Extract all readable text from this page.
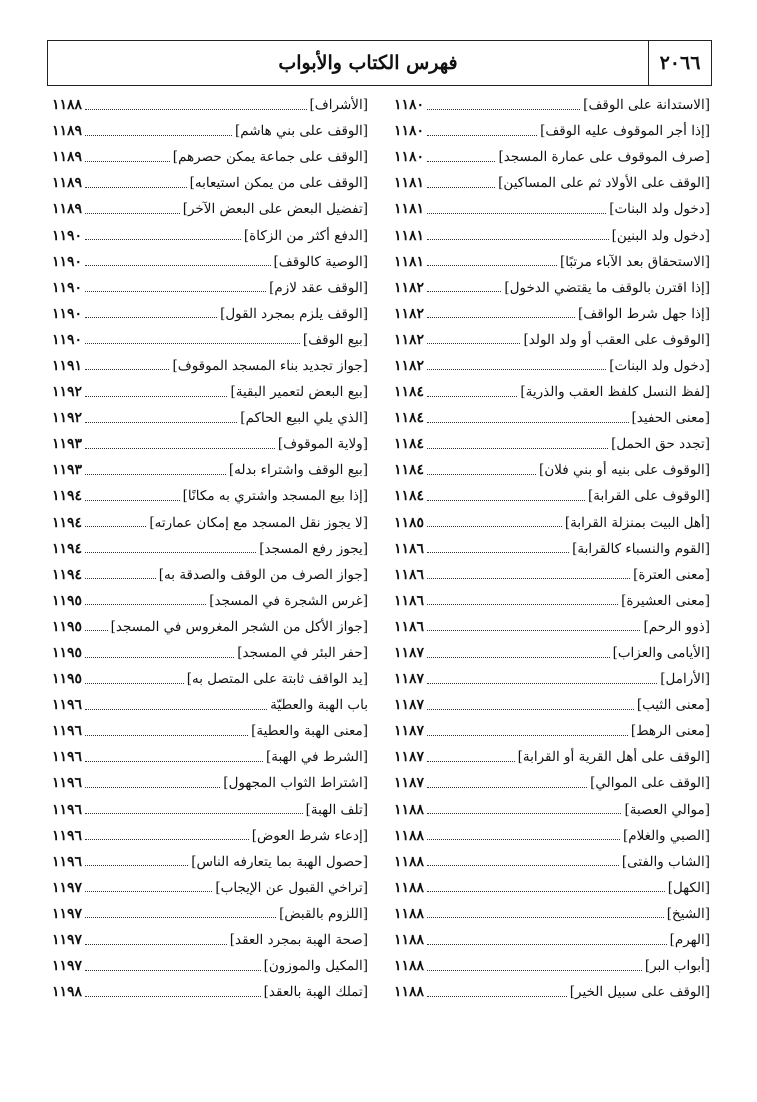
٢٠٦٦
فهرس الكتاب والأبواب
[الاستدانة على الوقف]
١١٨٠
[إذا أجر الموقوف عليه الوقف]
١١٨٠
[صرف الموقوف على عمارة المسجد]
١١٨٠
[الوقف على الأولاد ثم على المساكين]
١١٨١
[دخول ولد البنات]
١١٨١
[دخول ولد البنين]
١١٨١
[الاستحقاق بعد الآباء مرتبًا]
١١٨١
[إذا اقترن بالوقف ما يقتضي الدخول]
١١٨٢
[إذا جهل شرط الواقف]
١١٨٢
[الوقوف على العقب أو ولد الولد]
١١٨٢
[دخول ولد البنات]
١١٨٢
[لفظ النسل كلفظ العقب والذرية]
١١٨٤
[معنى الحفيد]
١١٨٤
[تجدد حق الحمل]
١١٨٤
[الوقوف على بنيه أو بني فلان]
١١٨٤
[الوقوف على القرابة]
١١٨٤
[أهل البيت بمنزلة القرابة]
١١٨٥
[القوم والنسباء كالقرابة]
١١٨٦
[معنى العترة]
١١٨٦
[معنى العشيرة]
١١٨٦
[ذوو الرحم]
١١٨٦
[الأيامى والعزاب]
١١٨٧
[الأرامل]
١١٨٧
[معنى الثيب]
١١٨٧
[معنى الرهط]
١١٨٧
[الوقف على أهل القرية أو القرابة]
١١٨٧
[الوقف على الموالي]
١١٨٧
[موالي العصبة]
١١٨٨
[الصبي والغلام]
١١٨٨
[الشاب والفتى]
١١٨٨
[الكهل]
١١٨٨
[الشيخ]
١١٨٨
[الهرم]
١١٨٨
[أبواب البر]
١١٨٨
[الوقف على سبيل الخير]
١١٨٨
[الأشراف]
١١٨٨
[الوقف على بني هاشم]
١١٨٩
[الوقف على جماعة يمكن حصرهم]
١١٨٩
[الوقف على من يمكن استيعابه]
١١٨٩
[تفضيل البعض على البعض الآخر]
١١٨٩
[الدفع أكثر من الزكاة]
١١٩٠
[الوصية كالوقف]
١١٩٠
[الوقف عقد لازم]
١١٩٠
[الوقف يلزم بمجرد القول]
١١٩٠
[بيع الوقف]
١١٩٠
[جواز تجديد بناء المسجد الموقوف]
١١٩١
[بيع البعض لتعمير البقية]
١١٩٢
[الذي يلي البيع الحاكم]
١١٩٢
[ولاية الموقوف]
١١٩٣
[بيع الوقف واشتراء بدله]
١١٩٣
[إذا بيع المسجد واشتري به مكانًا]
١١٩٤
[لا يجوز نقل المسجد مع إمكان عمارته]
١١٩٤
[يجوز رفع المسجد]
١١٩٤
[جواز الصرف من الوقف والصدقة به]
١١٩٤
[غرس الشجرة في المسجد]
١١٩٥
[جواز الأكل من الشجر المغروس في المسجد]
١١٩٥
[حفر البئر في المسجد]
١١٩٥
[يد الواقف ثابتة على المتصل به]
١١٩٥
باب الهبة والعطيّة
١١٩٦
[معنى الهبة والعطية]
١١٩٦
[الشرط في الهبة]
١١٩٦
[اشتراط الثواب المجهول]
١١٩٦
[تلف الهبة]
١١٩٦
[إدعاء شرط العوض]
١١٩٦
[حصول الهبة بما يتعارفه الناس]
١١٩٦
[تراخي القبول عن الإيجاب]
١١٩٧
[اللزوم بالقبض]
١١٩٧
[صحة الهبة بمجرد العقد]
١١٩٧
[المكيل والموزون]
١١٩٧
[تملك الهبة بالعقد]
١١٩٨
